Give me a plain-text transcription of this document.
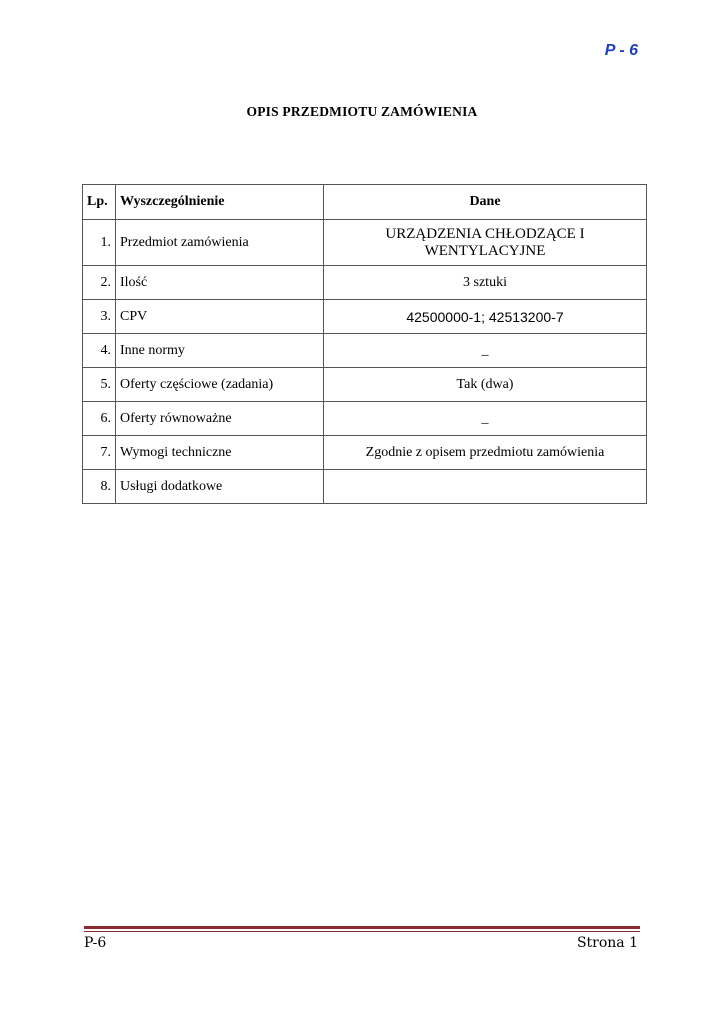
P - 6
OPIS PRZEDMIOTU ZAMÓWIENIA
Lp.	Wyszczególnienie	Dane
1.	Przedmiot zamówienia	URZĄDZENIA CHŁODZĄCE I WENTYLACYJNE
2.	Ilość	3 sztuki
3.	CPV	42500000-1; 42513200-7
4.	Inne normy	_
5.	Oferty częściowe (zadania)	Tak (dwa)
6.	Oferty równoważne	_
7.	Wymogi techniczne	Zgodnie z opisem przedmiotu zamówienia
8.	Usługi dodatkowe	
P-6	Strona 1
